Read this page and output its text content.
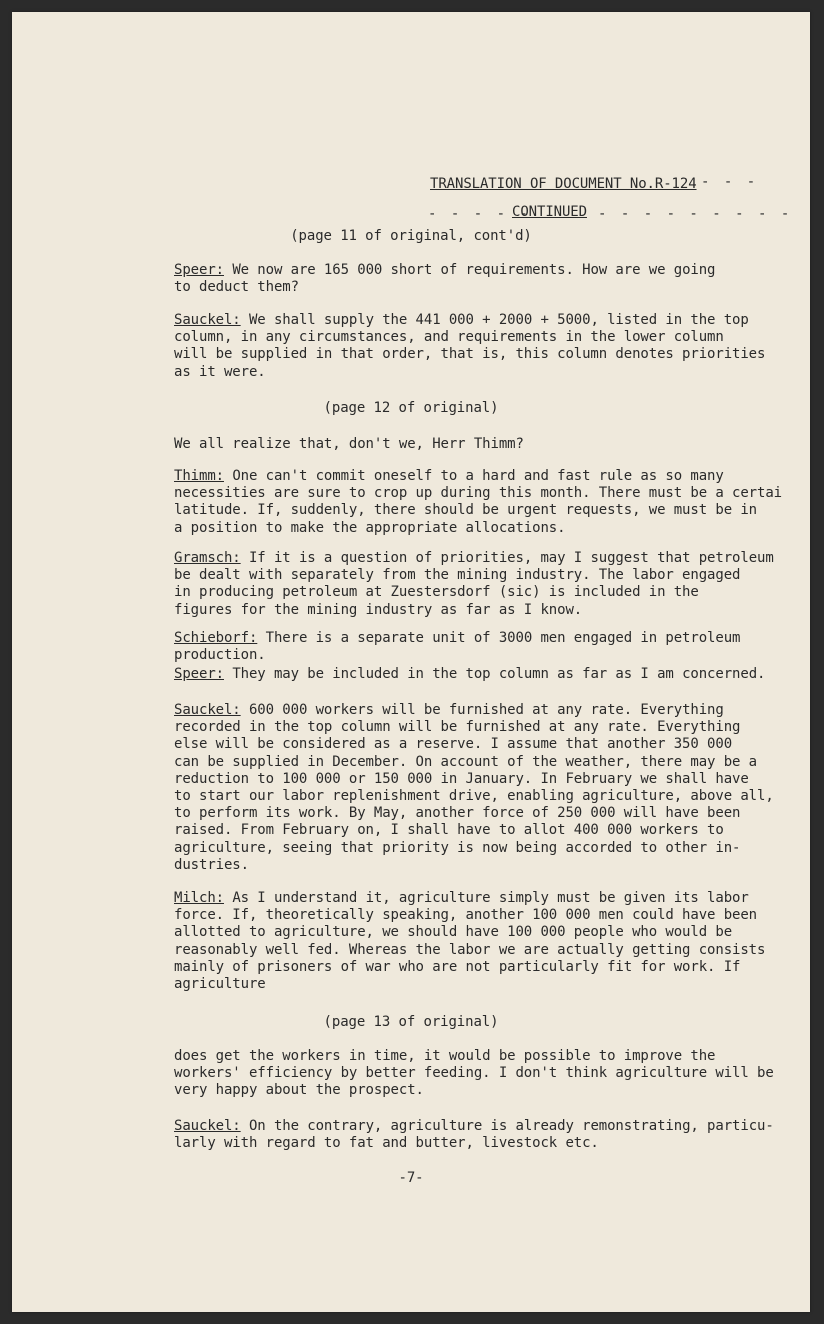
TRANSLATION OF DOCUMENT No.R-124 - - -
- - - - -
CONTINUED - - - - - - - - -
(page 11 of original, cont'd)
Speer: We now are 165 000 short of requirements. How are we going
to deduct them?
Sauckel: We shall supply the 441 000 + 2000 + 5000, listed in the top
column, in any circumstances, and requirements in the lower column
will be supplied in that order, that is, this column denotes priorities
as it were.
(page 12 of original)
We all realize that, don't we, Herr Thimm?
Thimm: One can't commit oneself to a hard and fast rule as so many
necessities are sure to crop up during this month. There must be a certai
latitude. If, suddenly, there should be urgent requests, we must be in
a position to make the appropriate allocations.
Gramsch: If it is a question of priorities, may I suggest that petroleum
be dealt with separately from the mining industry. The labor engaged
in producing petroleum at Zuestersdorf (sic) is included in the
figures for the mining industry as far as I know.
Schieborf: There is a separate unit of 3000 men engaged in petroleum
production.
Speer: They may be included in the top column as far as I am concerned.
Sauckel: 600 000 workers will be furnished at any rate. Everything
recorded in the top column will be furnished at any rate. Everything
else will be considered as a reserve. I assume that another 350 000
can be supplied in December. On account of the weather, there may be a
reduction to 100 000 or 150 000 in January. In February we shall have
to start our labor replenishment drive, enabling agriculture, above all,
to perform its work. By May, another force of 250 000 will have been
raised. From February on, I shall have to allot 400 000 workers to
agriculture, seeing that priority is now being accorded to other in-
dustries.
Milch: As I understand it, agriculture simply must be given its labor
force. If, theoretically speaking, another 100 000 men could have been
allotted to agriculture, we should have 100 000 people who would be
reasonably well fed. Whereas the labor we are actually getting consists
mainly of prisoners of war who are not particularly fit for work. If
agriculture
(page 13 of original)
does get the workers in time, it would be possible to improve the
workers' efficiency by better feeding. I don't think agriculture will be
very happy about the prospect.
Sauckel: On the contrary, agriculture is already remonstrating, particu-
larly with regard to fat and butter, livestock etc.
-7-
